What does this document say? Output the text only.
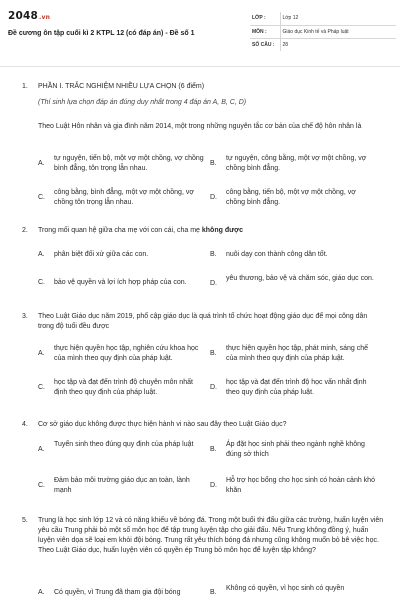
2048.vn
Đề cương ôn tập cuối kì 2 KTPL 12 (có đáp án) - Đề số 1
LỚP :	Lớp 12
MÔN :	Giáo dục Kinh tế và Pháp luật
SỐ CÂU :	28
1. PHẦN I. TRẮC NGHIỆM NHIỀU LỰA CHỌN (6 điểm)
(Thí sinh lựa chọn đáp án đúng duy nhất trong 4 đáp án A, B, C, D)
Theo Luật Hôn nhân và gia đình năm 2014, một trong những nguyên tắc cơ bản của chế độ hôn nhân là
A.
tự nguyện, tiến bộ, một vợ một chồng, vợ chồng bình đẳng, tôn trọng lẫn nhau.
B.
tự nguyện, công bằng, một vợ một chồng, vợ chồng bình đẳng.
C.
công bằng, bình đẳng, một vợ một chồng, vợ chồng tôn trọng lẫn nhau.
D.
công bằng, tiến bộ, một vợ một chồng, vợ chồng bình đẳng.
2. Trong mối quan hệ giữa cha mẹ với con cái, cha mẹ không được
A. phân biệt đối xử giữa các con.	B. nuôi dạy con thành công dân tốt.
C. bảo vệ quyền và lợi ích hợp pháp của con.	D.
yêu thương, bảo vệ và chăm sóc, giáo dục con.
3. Theo Luật Giáo dục năm 2019, phổ cập giáo dục là quá trình tổ chức hoạt động giáo dục để mọi công dân trong độ tuổi đều được
A.
thực hiện quyền học tập, nghiên cứu khoa học của mình theo quy định của pháp luật.
B.
thực hiện quyền học tập, phát minh, sáng chế của mình theo quy định của pháp luật.
C.
học tập và đạt đến trình độ chuyên môn nhất định theo quy định của pháp luật.
D.
học tập và đạt đến trình độ học vấn nhất định theo quy định của pháp luật.
4. Cơ sở giáo dục không được thực hiện hành vi nào sau đây theo Luật Giáo dục?
A.
Tuyển sinh theo đúng quy định của pháp luật
B.
Áp đặt học sinh phải theo ngành nghề không đúng sở thích
C.
Đảm bảo môi trường giáo dục an toàn, lành mạnh
D.
Hỗ trợ học bổng cho học sinh có hoàn cảnh khó khăn
5. Trung là học sinh lớp 12 và có năng khiếu về bóng đá. Trong một buổi thi đấu giữa các trường, huấn luyện viên yêu cầu Trung phải bỏ một số môn học để tập trung luyện tập cho giải đấu. Nếu Trung không đồng ý, huấn luyện viên dọa sẽ loại em khỏi đội bóng. Trung rất yêu thích bóng đá nhưng cũng không muốn bỏ bê việc học. Theo Luật Giáo dục, huấn luyện viên có quyền ép Trung bỏ môn học để luyện tập không?
A. Có quyền, vì Trung đã tham gia đội bóng	B.
Không có quyền, vì học sinh có quyền
